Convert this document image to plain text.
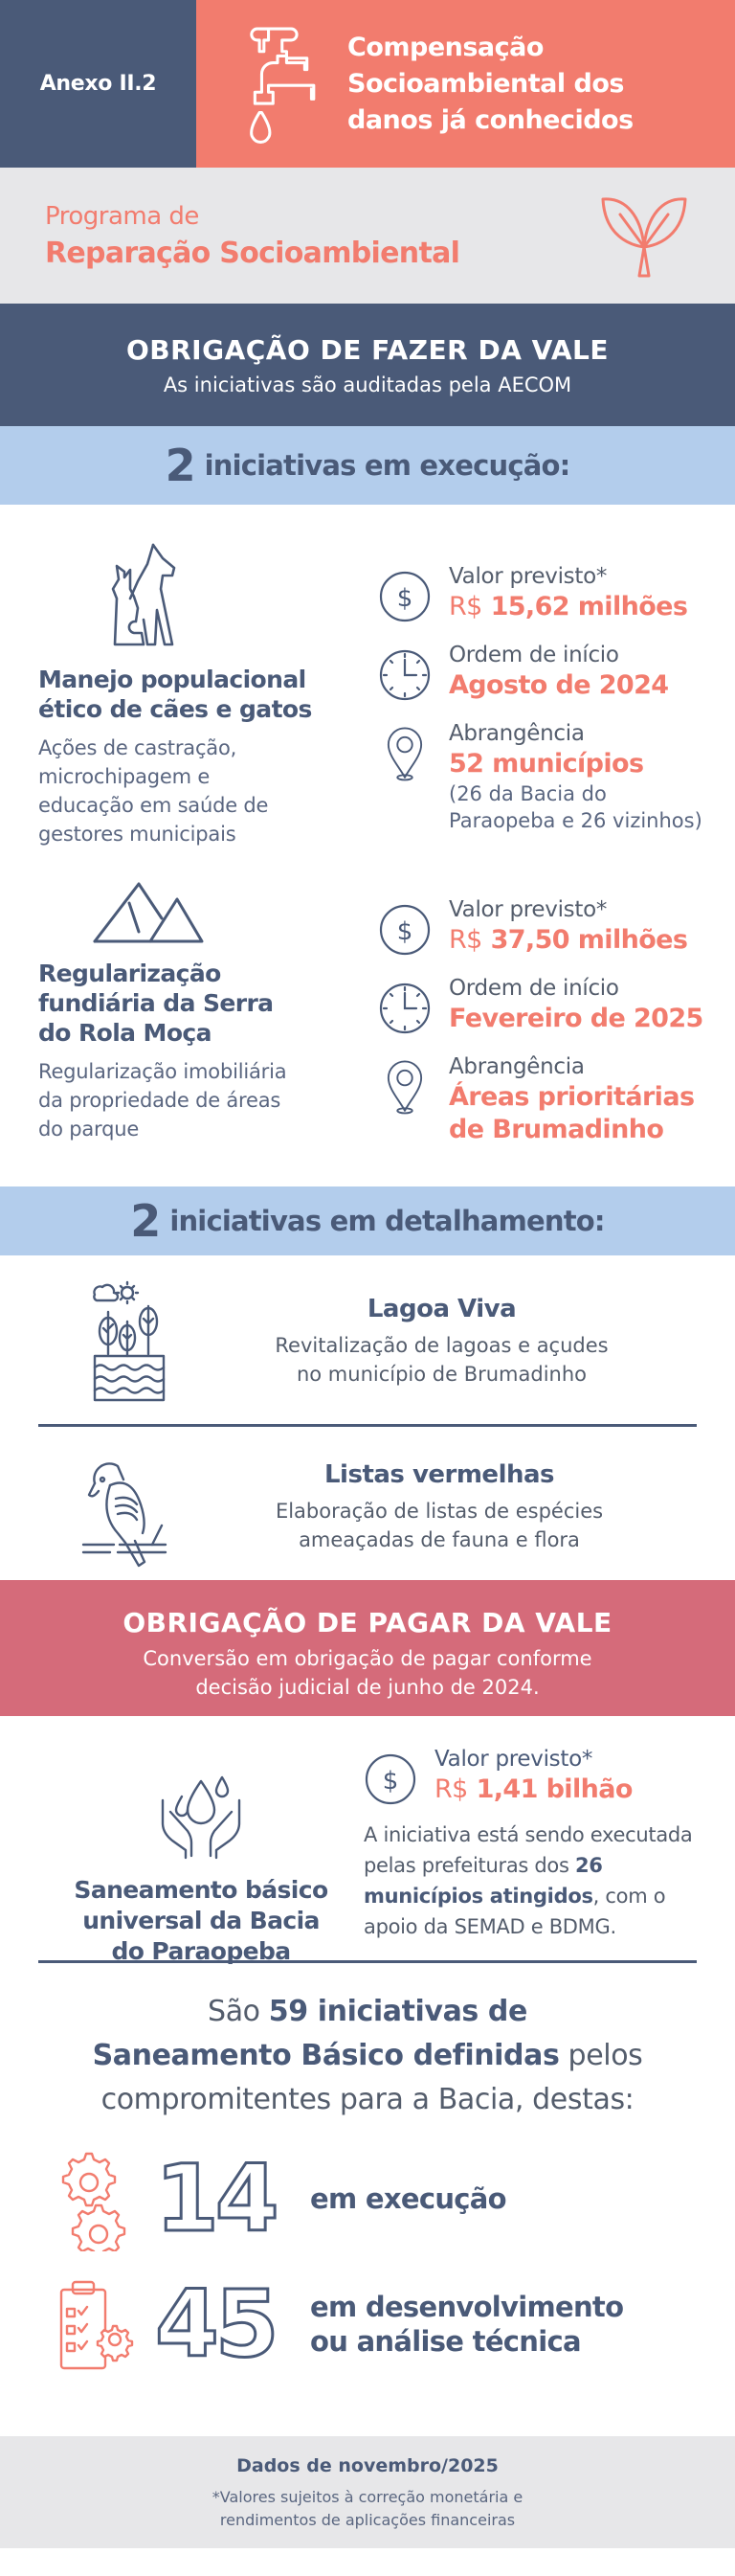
Anexo II.2
Compensação
Socioambiental dos
danos já conhecidos
Programa de
Reparação Socioambiental
OBRIGAÇÃO DE FAZER DA VALE
As iniciativas são auditadas pela AECOM
2 iniciativas em execução:
Manejo populacional
ético de cães e gatos
Ações de castração,
microchipagem e
educação em saúde de
gestores municipais
$
Valor previsto*
R$ 15,62 milhões
Ordem de início
Agosto de 2024
Abrangência
52 municípios
(26 da Bacia do
Paraopeba e 26 vizinhos)
Regularização
fundiária da Serra
do Rola Moça
Regularização imobiliária
da propriedade de áreas
do parque
$
Valor previsto*
R$ 37,50 milhões
Ordem de início
Fevereiro de 2025
Abrangência
Áreas prioritárias
de Brumadinho
2 iniciativas em detalhamento:
Lagoa Viva
Revitalização de lagoas e açudes
no município de Brumadinho
Listas vermelhas
Elaboração de listas de espécies
ameaçadas de fauna e flora
OBRIGAÇÃO DE PAGAR DA VALE
Conversão em obrigação de pagar conforme
decisão judicial de junho de 2024.
Saneamento básico
universal da Bacia
do Paraopeba
$
Valor previsto*
R$ 1,41 bilhão
A iniciativa está sendo executada pelas prefeituras dos 26 municípios atingidos, com o apoio da SEMAD e BDMG.
São 59 iniciativas de
Saneamento Básico definidas pelos
compromitentes para a Bacia, destas:
14	em execução
45	em desenvolvimento
ou análise técnica
Dados de novembro/2025
*Valores sujeitos à correção monetária e
rendimentos de aplicações financeiras
